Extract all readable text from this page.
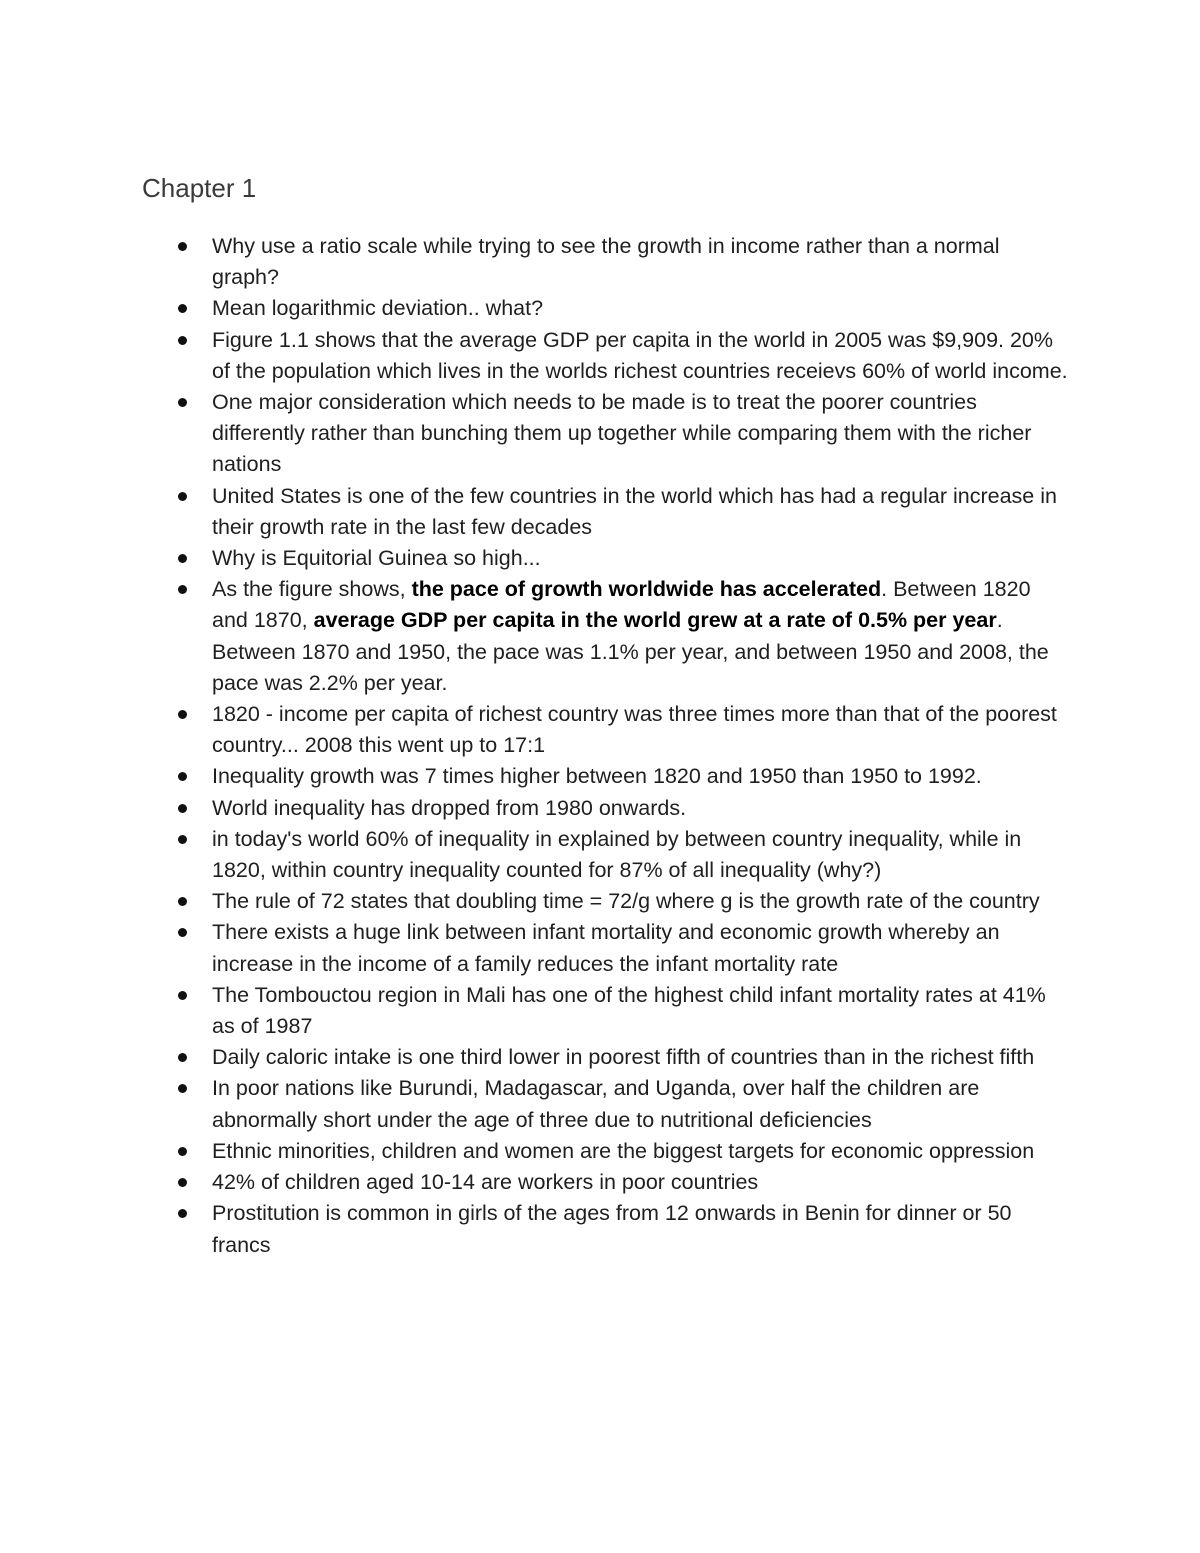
Chapter 1
Why use a ratio scale while trying to see the growth in income rather than a normal graph?
Mean logarithmic deviation.. what?
Figure 1.1 shows that the average GDP per capita in the world in 2005 was $9,909. 20% of the population which lives in the worlds richest countries receievs 60% of world income.
One major consideration which needs to be made is to treat the poorer countries differently rather than bunching them up together while comparing them with the richer nations
United States is one of the few countries in the world which has had a regular increase in their growth rate in the last few decades
Why is Equitorial Guinea so high...
As the figure shows, the pace of growth worldwide has accelerated. Between 1820 and 1870, average GDP per capita in the world grew at a rate of 0.5% per year. Between 1870 and 1950, the pace was 1.1% per year, and between 1950 and 2008, the pace was 2.2% per year.
1820 - income per capita of richest country was three times more than that of the poorest country... 2008 this went up to 17:1
Inequality growth was 7 times higher between 1820 and 1950 than 1950 to 1992.
World inequality has dropped from 1980 onwards.
in today's world 60% of inequality in explained by between country inequality, while in 1820, within country inequality counted for 87% of all inequality (why?)
The rule of 72 states that doubling time = 72/g where g is the growth rate of the country
There exists a huge link between infant mortality and economic growth whereby an increase in the income of a family reduces the infant mortality rate
The Tombouctou region in Mali has one of the highest child infant mortality rates at 41% as of 1987
Daily caloric intake is one third lower in poorest fifth of countries than in the richest fifth
In poor nations like Burundi, Madagascar, and Uganda, over half the children are abnormally short under the age of three due to nutritional deficiencies
Ethnic minorities, children and women are the biggest targets for economic oppression
42% of children aged 10-14 are workers in poor countries
Prostitution is common in girls of the ages from 12 onwards in Benin for dinner or 50 francs
